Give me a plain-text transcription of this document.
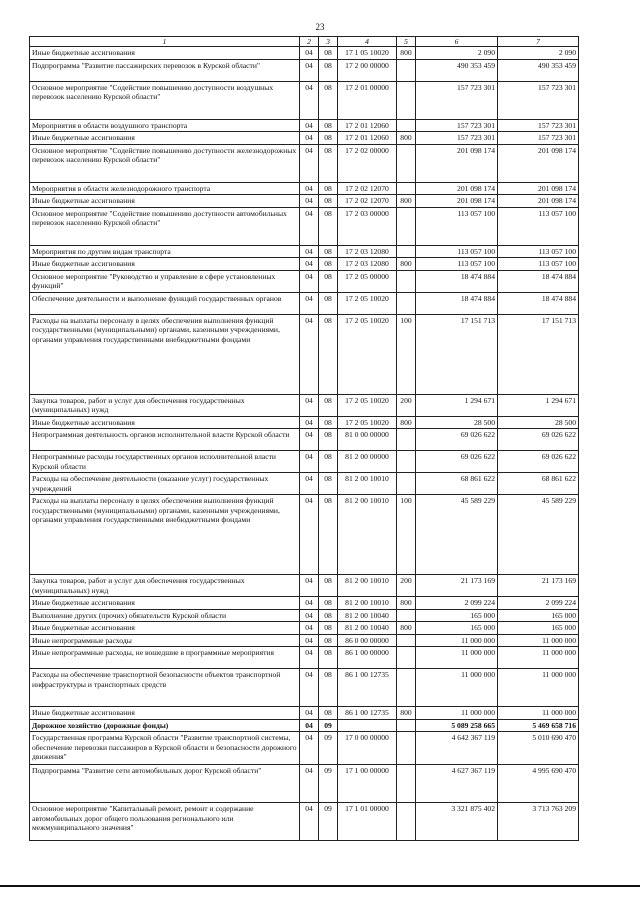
23
1	2	3	4	5	6	7
Иные бюджетные ассигнования	04	08	17 1 05 10020	800	2 090	2 090
Подпрограмма "Развитие пассажирских перевозок в Курской области"	04	08	17 2 00 00000		490 353 459	490 353 459
Основное мероприятие "Содействие повышению доступности воздушных перевозок населению Курской области"	04	08	17 2 01 00000		157 723 301	157 723 301
Мероприятия в области воздушного транспорта	04	08	17 2 01 12060		157 723 301	157 723 301
Иные бюджетные ассигнования	04	08	17 2 01 12060	800	157 723 301	157 723 301
Основное мероприятие "Содействие повышению доступности железнодорожных перевозок населению Курской области"	04	08	17 2 02 00000		201 098 174	201 098 174
Мероприятия в области железнодорожного транспорта	04	08	17 2 02 12070		201 098 174	201 098 174
Иные бюджетные ассигнования	04	08	17 2 02 12070	800	201 098 174	201 098 174
Основное мероприятие "Содействие повышению доступности автомобильных перевозок населению Курской области"	04	08	17 2 03 00000		113 057 100	113 057 100
Мероприятия по другим видам транспорта	04	08	17 2 03 12080		113 057 100	113 057 100
Иные бюджетные ассигнования	04	08	17 2 03 12080	800	113 057 100	113 057 100
Основное мероприятие "Руководство и управление в сфере установленных функций"	04	08	17 2 05 00000		18 474 884	18 474 884
Обеспечение деятельности и выполнение функций государственных органов	04	08	17 2 05 10020		18 474 884	18 474 884
Расходы на выплаты персоналу в целях обеспечения выполнения функций государственными (муниципальными) органами, казенными учреждениями, органами управления государственными внебюджетными фондами	04	08	17 2 05 10020	100	17 151 713	17 151 713
Закупка товаров, работ и услуг для обеспечения государственных (муниципальных) нужд	04	08	17 2 05 10020	200	1 294 671	1 294 671
Иные бюджетные ассигнования	04	08	17 2 05 10020	800	28 500	28 500
Непрограммная деятельность органов исполнительной власти Курской области	04	08	81 0 00 00000		69 026 622	69 026 622
Непрограммные расходы государственных органов исполнительной власти Курской области	04	08	81 2 00 00000		69 026 622	69 026 622
Расходы на обеспечение деятельности (оказание услуг) государственных учреждений	04	08	81 2 00 10010		68 861 622	68 861 622
Расходы на выплаты персоналу в целях обеспечения выполнения функций государственными (муниципальными) органами, казенными учреждениями, органами управления государственными внебюджетными фондами	04	08	81 2 00 10010	100	45 589 229	45 589 229
Закупка товаров, работ и услуг для обеспечения государственных (муниципальных) нужд	04	08	81 2 00 10010	200	21 173 169	21 173 169
Иные бюджетные ассигнования	04	08	81 2 00 10010	800	2 099 224	2 099 224
Выполнение других (прочих) обязательств Курской области	04	08	81 2 00 10040		165 000	165 000
Иные бюджетные ассигнования	04	08	81 2 00 10040	800	165 000	165 000
Иные непрограммные расходы	04	08	86 0 00 00000		11 000 000	11 000 000
Иные непрограммные расходы, не вошедшие в программные мероприятия	04	08	86 1 00 00000		11 000 000	11 000 000
Расходы на обеспечение транспортной безопасности объектов транспортной инфраструктуры и транспортных средств	04	08	86 1 00 12735		11 000 000	11 000 000
Иные бюджетные ассигнования	04	08	86 1 00 12735	800	11 000 000	11 000 000
Дорожное хозяйство (дорожные фонды)	04	09			5 089 258 665	5 469 658 716
Государственная программа Курской области "Развитие транспортной системы, обеспечение перевозки пассажиров в Курской области и безопасности дорожного движения"	04	09	17 0 00 00000		4 642 367 119	5 010 690 470
Подпрограмма "Развитие сети автомобильных дорог Курской области"	04	09	17 1 00 00000		4 627 367 119	4 995 690 470
Основное мероприятие "Капитальный ремонт, ремонт и содержание автомобильных дорог общего пользования регионального или межмуниципального значения"	04	09	17 1 01 00000		3 321 875 402	3 713 763 209
